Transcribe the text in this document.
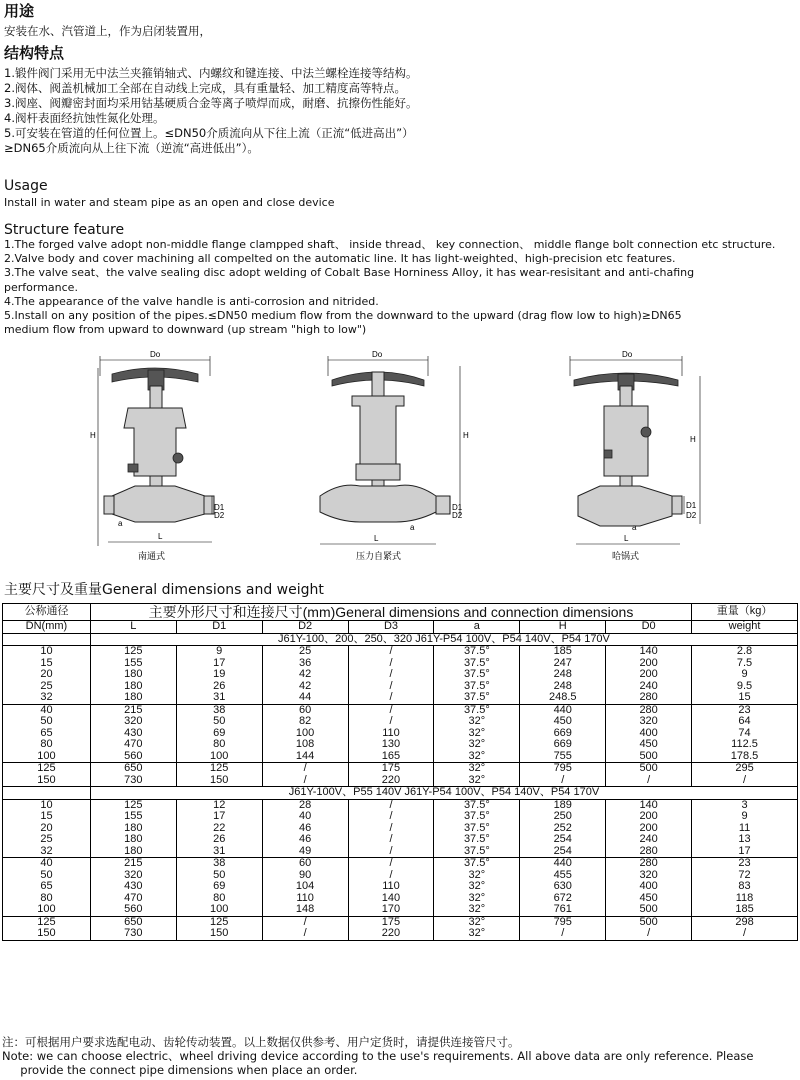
用途
安装在水、汽管道上，作为启闭装置用，
结构特点
1.锻件阀门采用无中法兰夹箍销轴式、内螺纹和键连接、中法兰螺栓连接等结构。
2.阀体、阀盖机械加工全部在自动线上完成，具有重量轻、加工精度高等特点。
3.阀座、阀瓣密封面均采用钴基硬质合金等离子喷焊而成，耐磨、抗擦伤性能好。
4.阀杆表面经抗蚀性氮化处理。
5.可安装在管道的任何位置上。≤DN50介质流向从下往上流（正流“低进高出”）
≥DN65介质流向从上往下流（逆流“高进低出”）。
Usage
Install in water and steam pipe as an open and close device
Structure feature
1.The forged valve adopt non-middle flange clampped shaft、 inside thread、 key connection、 middle flange bolt connection etc structure.
2.Valve body and cover machining all compelted on the automatic line. It has light-weighted、high-precision etc features.
3.The valve seat、the valve sealing disc adopt welding of Cobalt Base Horniness Alloy, it has wear-resisitant and anti-chafing
performance.
4.The appearance of the valve handle is anti-corrosion and nitrided.
5.Install on any position of the pipes.≤DN50 medium flow from the downward to the upward (drag flow low to high)≥DN65
medium flow from upward to downward (up stream "high to low")
Do
H
D1
D2
a
L
南通式
Do
H
D1
D2
a
L
压力自紧式
Do
H
D1
D2
a
L
哈锅式
主要尺寸及重量General dimensions and weight
公称通径	主要外形尺寸和连接尺寸(mm)General dimensions and connection dimensions							重量（kg）
DN(mm)	L	D1	D2	D3	a	H	D0	weight
	J61Y-100、200、250、320 J61Y-P54 100V、P54 140V、P54 170V							
10	125	9	25	/	37.5°	185	140	2.8
15	155	17	36	/	37.5°	247	200	7.5
20	180	19	42	/	37.5°	248	200	9
25	180	26	42	/	37.5°	248	240	9.5
32	180	31	44	/	37.5°	248.5	280	15
40	215	38	60	/	37.5°	440	280	23
50	320	50	82	/	32°	450	320	64
65	430	69	100	110	32°	669	400	74
80	470	80	108	130	32°	669	450	112.5
100	560	100	144	165	32°	755	500	178.5
125	650	125	/	175	32°	795	500	295
150	730	150	/	220	32°	/	/	/
	J61Y-100V、P55 140V J61Y-P54 100V、P54 140V、P54 170V							
10	125	12	28	/	37.5°	189	140	3
15	155	17	40	/	37.5°	250	200	9
20	180	22	46	/	37.5°	252	200	11
25	180	26	46	/	37.5°	254	240	13
32	180	31	49	/	37.5°	254	280	17
40	215	38	60	/	37.5°	440	280	23
50	320	50	90	/	32°	455	320	72
65	430	69	104	110	32°	630	400	83
80	470	80	110	140	32°	672	450	118
100	560	100	148	170	32°	761	500	185
125	650	125	/	175	32°	795	500	298
150	730	150	/	220	32°	/	/	/
注：可根据用户要求选配电动、齿轮传动装置。以上数据仅供参考、用户定货时，请提供连接管尺寸。
Note: we can choose electric、wheel driving device according to the use's requirements. All above data are only reference. Please
provide the connect pipe dimensions when place an order.
